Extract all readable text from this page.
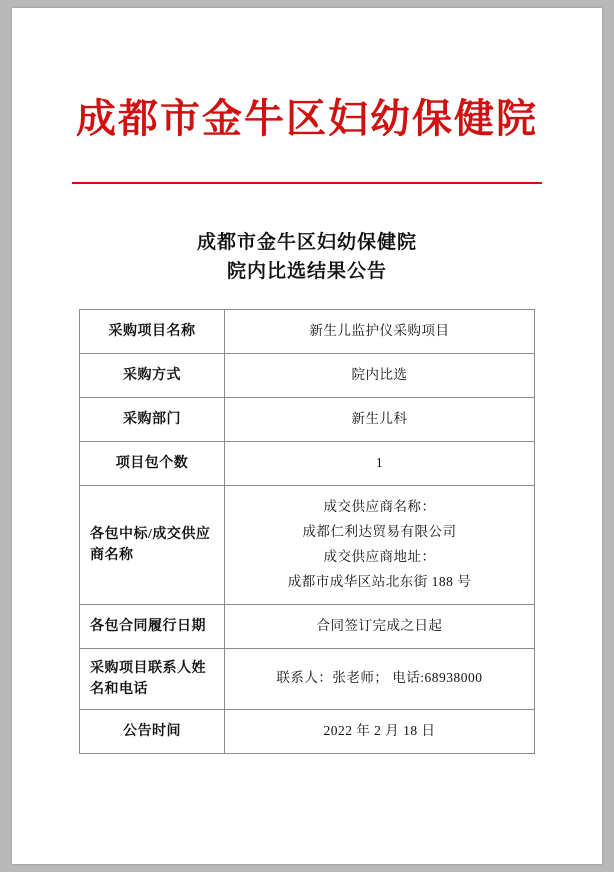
成都市金牛区妇幼保健院
成都市金牛区妇幼保健院
院内比选结果公告
采购项目名称	新生儿监护仪采购项目
采购方式	院内比选
采购部门	新生儿科
项目包个数	1
各包中标/成交供应商名称	成交供应商名称：
成都仁利达贸易有限公司
成交供应商地址：
成都市成华区站北东街 188 号

各包合同履行日期	合同签订完成之日起
采购项目联系人姓名和电话	联系人：张老师； 电话:68938000
公告时间	2022 年 2 月 18 日
